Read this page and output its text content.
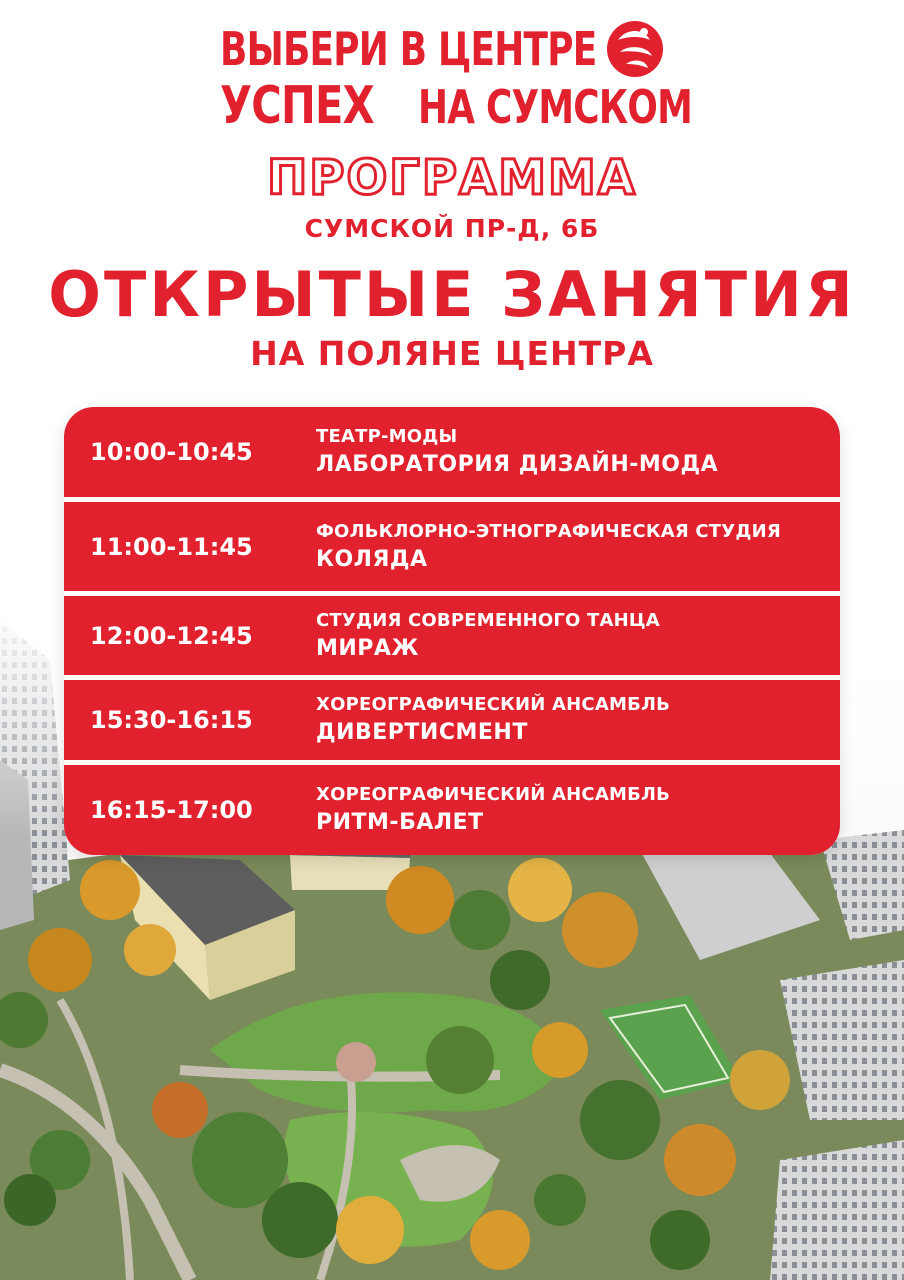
ВЫБЕРИ В ЦЕНТРЕ
УСПЕХ НА СУМСКОМ
ПРОГРАММА
СУМСКОЙ ПР-Д, 6Б
ОТКРЫТЫЕ ЗАНЯТИЯ
НА ПОЛЯНЕ ЦЕНТРА
10:00-10:45
ТЕАТР-МОДЫ
ЛАБОРАТОРИЯ ДИЗАЙН-МОДА
11:00-11:45
ФОЛЬКЛОРНО-ЭТНОГРАФИЧЕСКАЯ СТУДИЯ
КОЛЯДА
12:00-12:45
СТУДИЯ СОВРЕМЕННОГО ТАНЦА
МИРАЖ
15:30-16:15
ХОРЕОГРАФИЧЕСКИЙ АНСАМБЛЬ
ДИВЕРТИСМЕНТ
16:15-17:00
ХОРЕОГРАФИЧЕСКИЙ АНСАМБЛЬ
РИТМ-БАЛЕТ
